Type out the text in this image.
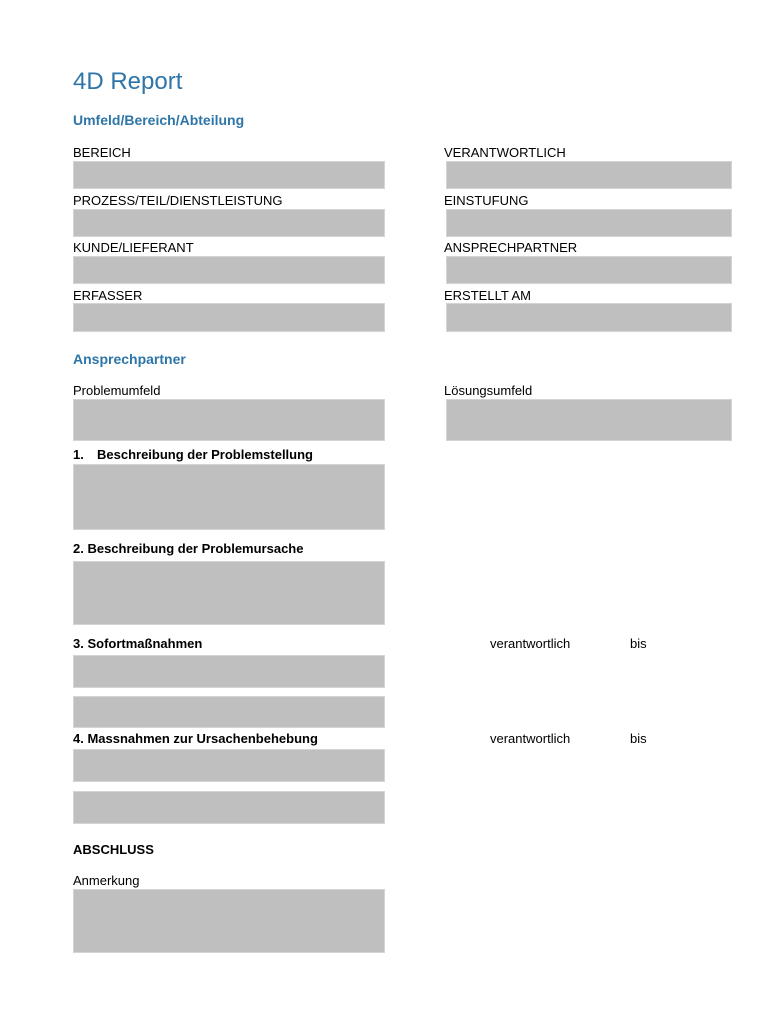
4D Report
Umfeld/Bereich/Abteilung
BEREICH	VERANTWORTLICH
PROZESS/TEIL/DIENSTLEISTUNG	EINSTUFUNG
KUNDE/LIEFERANT	ANSPRECHPARTNER
ERFASSER	ERSTELLT AM
Ansprechpartner
Problemumfeld	Lösungsumfeld
1. Beschreibung der Problemstellung
2. Beschreibung der Problemursache
3. Sofortmaßnahmen	verantwortlich	bis
4. Massnahmen zur Ursachenbehebung	verantwortlich	bis
ABSCHLUSS
Anmerkung
